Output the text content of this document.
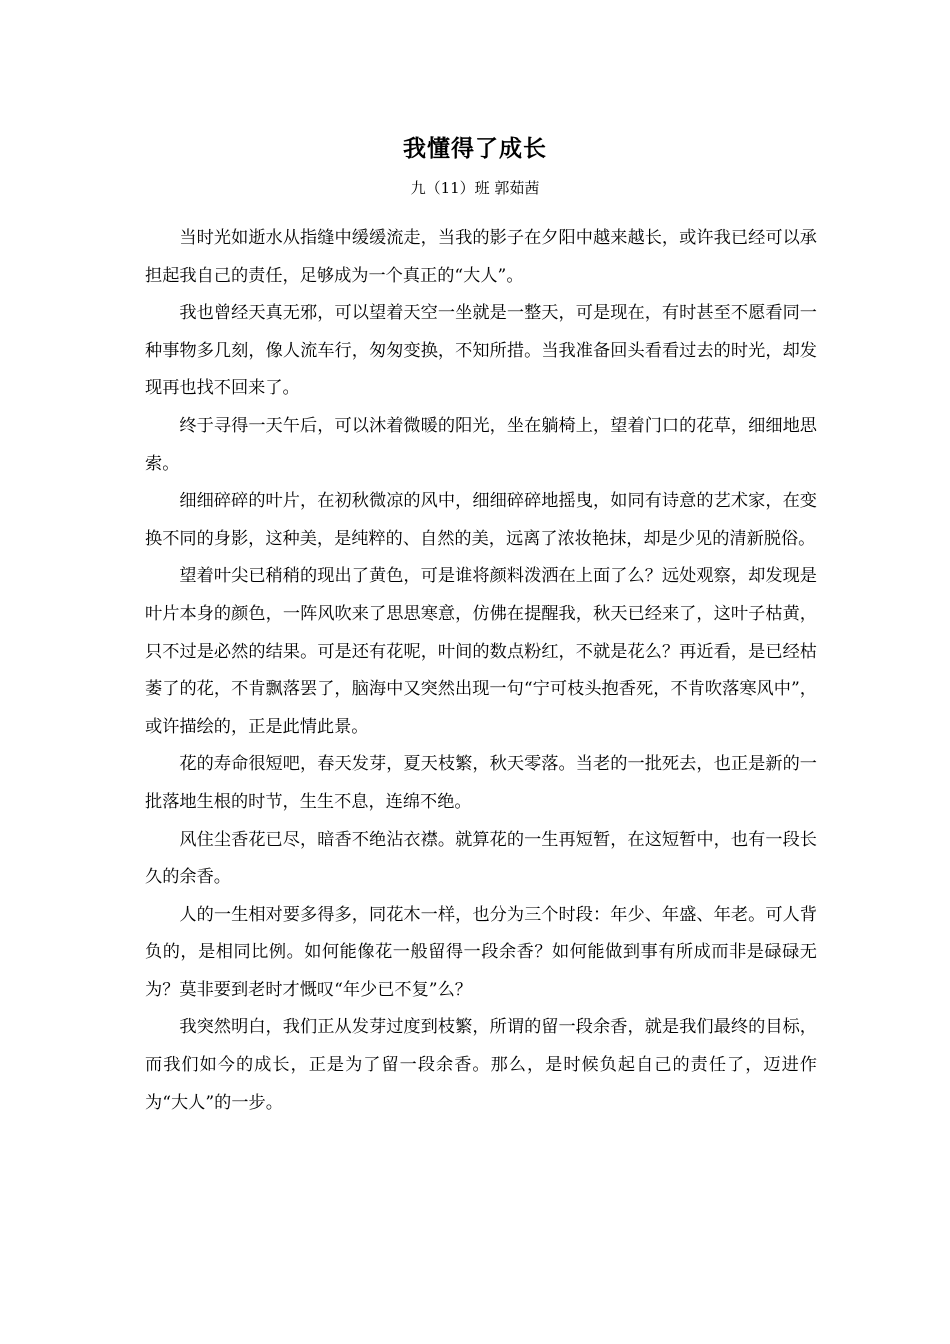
我懂得了成长
九（11）班 郭茹茜

当时光如逝水从指缝中缓缓流走，当我的影子在夕阳中越来越长，或许我已经可以承担起我自己的责任，足够成为一个真正的“大人”。

我也曾经天真无邪，可以望着天空一坐就是一整天，可是现在，有时甚至不愿看同一种事物多几刻，像人流车行，匆匆变换，不知所措。当我准备回头看看过去的时光，却发现再也找不回来了。

终于寻得一天午后，可以沐着微暖的阳光，坐在躺椅上，望着门口的花草，细细地思索。

细细碎碎的叶片，在初秋微凉的风中，细细碎碎地摇曳，如同有诗意的艺术家，在变换不同的身影，这种美，是纯粹的、自然的美，远离了浓妆艳抹，却是少见的清新脱俗。

望着叶尖已稍稍的现出了黄色，可是谁将颜料泼洒在上面了么？远处观察，却发现是叶片本身的颜色，一阵风吹来了思思寒意，仿佛在提醒我，秋天已经来了，这叶子枯黄，只不过是必然的结果。可是还有花呢，叶间的数点粉红，不就是花么？再近看，是已经枯萎了的花，不肯飘落罢了，脑海中又突然出现一句“宁可枝头抱香死，不肯吹落寒风中”，或许描绘的，正是此情此景。

花的寿命很短吧，春天发芽，夏天枝繁，秋天零落。当老的一批死去，也正是新的一批落地生根的时节，生生不息，连绵不绝。

风住尘香花已尽，暗香不绝沾衣襟。就算花的一生再短暂，在这短暂中，也有一段长久的余香。

人的一生相对要多得多，同花木一样，也分为三个时段：年少、年盛、年老。可人背负的，是相同比例。如何能像花一般留得一段余香？如何能做到事有所成而非是碌碌无为？莫非要到老时才慨叹“年少已不复”么？

我突然明白，我们正从发芽过度到枝繁，所谓的留一段余香，就是我们最终的目标，而我们如今的成长，正是为了留一段余香。那么，是时候负起自己的责任了，迈进作为“大人”的一步。
